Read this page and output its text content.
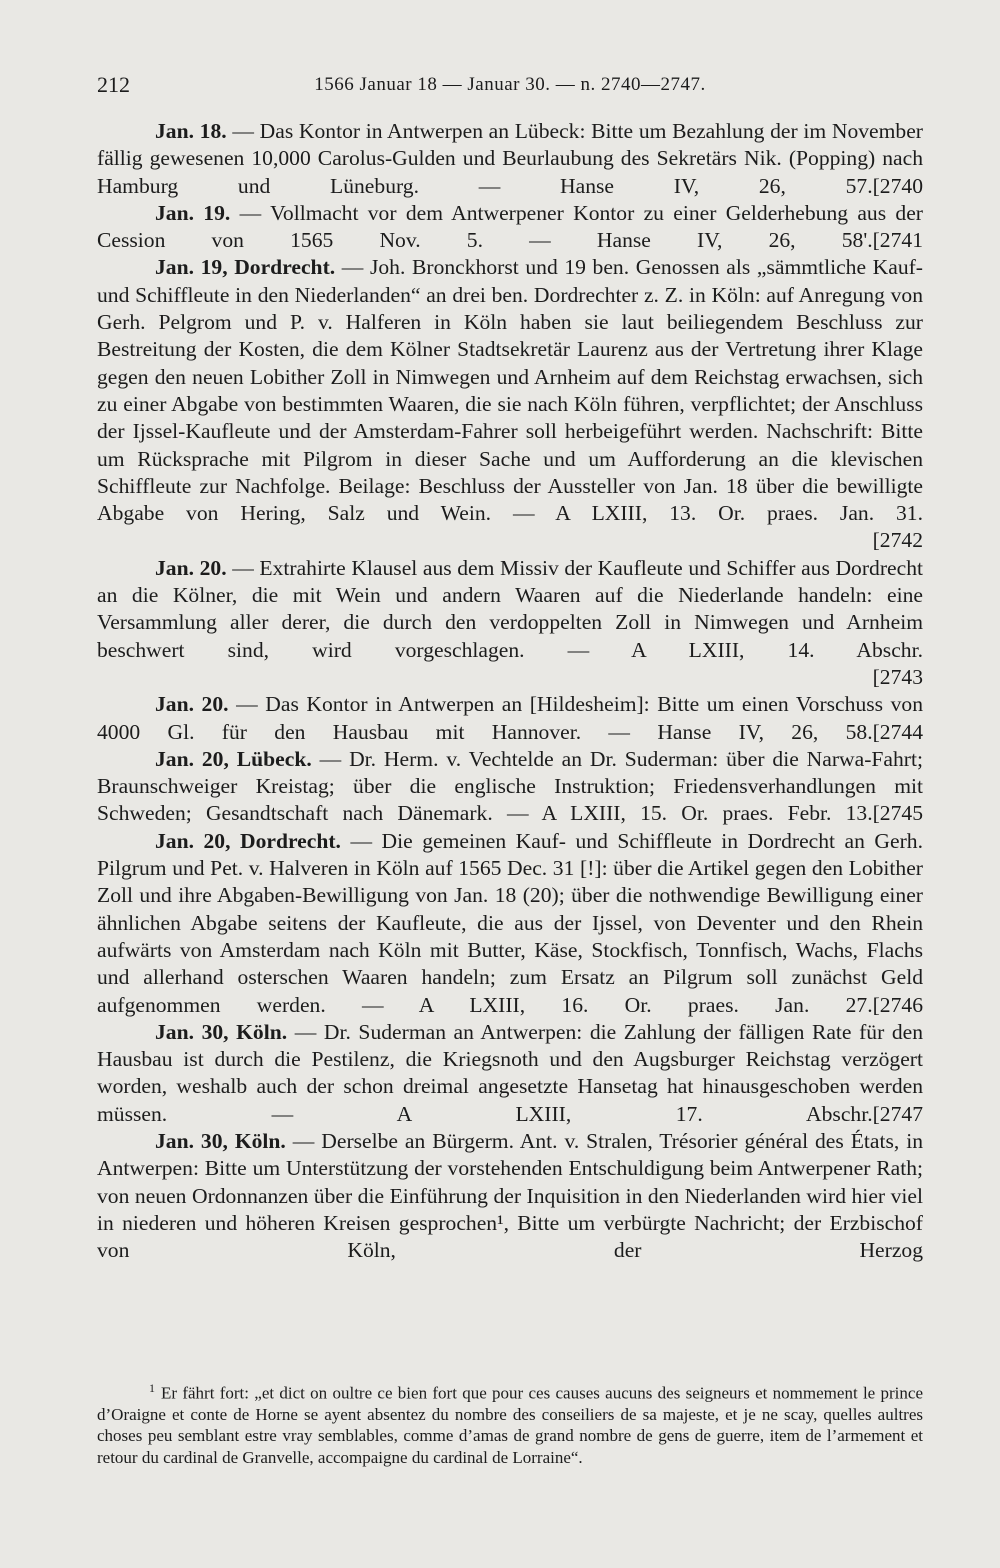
212	1566 Januar 18 — Januar 30. — n. 2740—2747.

Jan. 18. — Das Kontor in Antwerpen an Lübeck: Bitte um Bezahlung der im November fällig gewesenen 10,000 Carolus-Gulden und Beurlaubung des Sekretärs Nik. (Popping) nach Hamburg und Lüneburg. — Hanse IV, 26, 57. [2740

Jan. 19. — Vollmacht vor dem Antwerpener Kontor zu einer Gelderhebung aus der Cession von 1565 Nov. 5. — Hanse IV, 26, 58'. [2741

Jan. 19, Dordrecht. — Joh. Bronckhorst und 19 ben. Genossen als „sämmtliche Kauf- und Schiffleute in den Niederlanden“ an drei ben. Dordrechter z. Z. in Köln: auf Anregung von Gerh. Pelgrom und P. v. Halferen in Köln haben sie laut beiliegendem Beschluss zur Bestreitung der Kosten, die dem Kölner Stadtsekretär Laurenz aus der Vertretung ihrer Klage gegen den neuen Lobither Zoll in Nimwegen und Arnheim auf dem Reichstag erwachsen, sich zu einer Abgabe von bestimmten Waaren, die sie nach Köln führen, verpflichtet; der Anschluss der Ijssel-Kaufleute und der Amsterdam-Fahrer soll herbeigeführt werden. Nachschrift: Bitte um Rücksprache mit Pilgrom in dieser Sache und um Aufforderung an die klevischen Schiffleute zur Nachfolge. Beilage: Beschluss der Aussteller von Jan. 18 über die bewilligte Abgabe von Hering, Salz und Wein. — A LXIII, 13. Or. praes. Jan. 31.

[2742

Jan. 20. — Extrahirte Klausel aus dem Missiv der Kaufleute und Schiffer aus Dordrecht an die Kölner, die mit Wein und andern Waaren auf die Niederlande handeln: eine Versammlung aller derer, die durch den verdoppelten Zoll in Nimwegen und Arnheim beschwert sind, wird vorgeschlagen. — A LXIII, 14. Abschr.

[2743

Jan. 20. — Das Kontor in Antwerpen an [Hildesheim]: Bitte um einen Vorschuss von 4000 Gl. für den Hausbau mit Hannover. — Hanse IV, 26, 58. [2744

Jan. 20, Lübeck. — Dr. Herm. v. Vechtelde an Dr. Suderman: über die Narwa-Fahrt; Braunschweiger Kreistag; über die englische Instruktion; Friedensverhandlungen mit Schweden; Gesandtschaft nach Dänemark. — A LXIII, 15. Or. praes. Febr. 13. [2745

Jan. 20, Dordrecht. — Die gemeinen Kauf- und Schiffleute in Dordrecht an Gerh. Pilgrum und Pet. v. Halveren in Köln auf 1565 Dec. 31 [!]: über die Artikel gegen den Lobither Zoll und ihre Abgaben-Bewilligung von Jan. 18 (20); über die nothwendige Bewilligung einer ähnlichen Abgabe seitens der Kaufleute, die aus der Ijssel, von Deventer und den Rhein aufwärts von Amsterdam nach Köln mit Butter, Käse, Stockfisch, Tonnfisch, Wachs, Flachs und allerhand osterschen Waaren handeln; zum Ersatz an Pilgrum soll zunächst Geld aufgenommen werden. — A LXIII, 16. Or. praes. Jan. 27. [2746

Jan. 30, Köln. — Dr. Suderman an Antwerpen: die Zahlung der fälligen Rate für den Hausbau ist durch die Pestilenz, die Kriegsnoth und den Augsburger Reichstag verzögert worden, weshalb auch der schon dreimal angesetzte Hansetag hat hinausgeschoben werden müssen. — A LXIII, 17. Abschr. [2747

Jan. 30, Köln. — Derselbe an Bürgerm. Ant. v. Stralen, Trésorier général des États, in Antwerpen: Bitte um Unterstützung der vorstehenden Entschuldigung beim Antwerpener Rath; von neuen Ordonnanzen über die Einführung der Inquisition in den Niederlanden wird hier viel in niederen und höheren Kreisen gesprochen¹, Bitte um verbürgte Nachricht; der Erzbischof von Köln, der Herzog

$^1$ Er fährt fort: „et dict on oultre ce bien fort que pour ces causes aucuns des seigneurs et nommement le prince d’Oraigne et conte de Horne se ayent absentez du nombre des conseiliers de sa majeste, et je ne scay, quelles aultres choses peu semblant estre vray semblables, comme d’amas de grand nombre de gens de guerre, item de l’armement et retour du cardinal de Granvelle, accompaigne du cardinal de Lorraine“.
